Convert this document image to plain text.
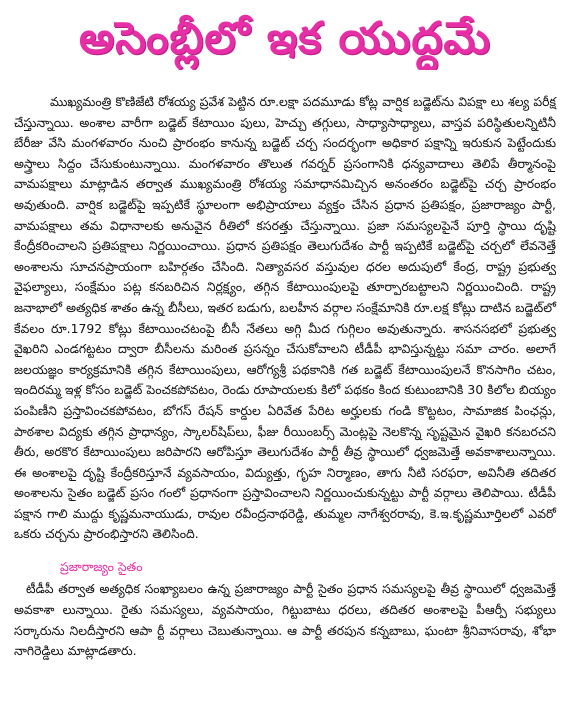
అసెంబ్లీలో ఇక యుద్ధమే

ముఖ్యమంత్రి కొణిజేటి రోశయ్య ప్రవేశ పెట్టిన రూ.లక్షా పదమూడు కోట్ల వార్షిక బడ్జెట్‌ను విపక్షా లు శల్య పరీక్ష చేస్తున్నాయి. అంశాల వారీగా బడ్జెట్ కేటాయిం పులు, హెచ్చు తగ్గులు, సాధ్యాసాధ్యాలు, వాస్తవ పరిస్థితులన్నిటినీ బేరీజు వేసి మంగళవారం నుంచి ప్రారంభం కానున్న బడ్జెట్ చర్చ సందర్భంగా అధికార పక్షాన్ని ఇరుకున పెట్టేందుకు అస్త్రాలు సిద్దం చేసుకుంటున్నాయి. మంగళవారం తొలుత గవర్నర్ ప్రసంగానికి ధన్యవాదాలు తెలిపే తీర్మానంపై వామపక్షాలు మాట్లాడిన తర్వాత ముఖ్యమంత్రి రోశయ్య సమాధానమిచ్చిన అనంతరం బడ్జెట్‌పై చర్చ ప్రారంభం అవుతుంది. వార్షిక బడ్జెట్‌పై ఇప్పటికే స్థూలంగా అభిప్రాయాలు వ్యక్తం చేసిన ప్రధాన ప్రతిపక్షం, ప్రజారాజ్యం పార్టీ, వామపక్షాలు తమ విధానాలకు అనువైన రీతిలో కసరత్తు చేస్తున్నాయి. ప్రజా సమస్యలపైనే పూర్తి స్థాయి దృష్టి కేంద్రీకరించాలని ప్రతిపక్షాలు నిర్ణయించాయి. ప్రధాన ప్రతిపక్షం తెలుగుదేశం పార్టీ ఇప్పటికే బడ్జెట్‌పై చర్చలో లేవనెత్తే అంశాలను సూచనప్రాయంగా బహిర్గతం చేసింది. నిత్యావసర వస్తువుల ధరల అదుపులో కేంద్ర, రాష్ట్ర ప్రభుత్వ వైఫల్యాలు, సంక్షేమం పట్ల కనబరిచిన నిర్లక్ష్యం, తగ్గిన కేటాయింపులపై తూర్పారబట్టాలని నిర్ణయించింది. రాష్ట్ర జనాభాలో అత్యధిక శాతం ఉన్న బీసీలు, ఇతర బడుగు, బలహీన వర్గాల సంక్షేమానికి రూ.లక్ష కోట్లు దాటిన బడ్జెట్‌లో కేవలం రూ.1792 కోట్లు కేటాయించటంపై బీసీ నేతలు అగ్గి మీద గుగ్గిలం అవుతున్నారు. శాసనసభలో ప్రభుత్వ వైఖరిని ఎండగట్టటం ద్వారా బీసీలను మరింత ప్రసన్నం చేసుకోవాలని టీడీపీ భావిస్తున్నట్టు సమా చారం. అలాగే జలయజ్ఞం కార్యక్రమానికి తగ్గిన కేటాయింపులు, ఆరోగ్యశ్రీ పథకానికి గత బడ్జెట్ కేటాయింపులనే కొనసాగిం చటం, ఇందిరమ్మ ఇళ్ల కోసం బడ్జెట్ పెంచకపోవటం, రెండు రూపాయలకు కిలో పథకం కింద కుటుంబానికి 30 కిలోల బియ్యం పంపిణీని ప్రస్తావించకపోవటం, బోగస్ రేషన్ కార్డుల ఏరివేత పేరిట అర్హులకు గండి కొట్టటం, సామాజిక పింఛన్లు, పాఠశాల విద్యకు తగ్గిన ప్రాధాన్యం, స్కాలర్‌షిప్‌లు, ఫీజు రీయింబర్స్ మెంట్లపై నెలకొన్న సృష్టమైన వైఖరి కనబరచని తీరు, అరకొర కేటాయింపులు జరిపారని ఆరోపిస్తూ తెలుగుదేశం పార్టీ తీవ్ర స్థాయిలో ధ్వజమెత్తే అవకాశాలున్నాయి. ఈ అంశాలపై దృష్టి కేంద్రీకరిస్తూనే వ్యవసాయం, విద్యుత్తు, గృహ నిర్మాణం, తాగు నీటి సరఫరా, అవినీతి తదితర అంశాలను సైతం బడ్జెట్ ప్రసం గంలో ప్రధానంగా ప్రస్తావించాలని నిర్ణయించుకున్నట్టు పార్టీ వర్గాలు తెలిపాయి. టీడీపీ పక్షాన గాలి ముద్దు కృష్ణమనాయుడు, రావుల రవీంద్రనాథరెడ్డి, తుమ్మల నాగేశ్వరరావు, కె.ఇ.కృష్ణమూర్తిలలో ఎవరో ఒకరు చర్చను ప్రారంభిస్తారని తెలిసింది.

ప్రజారాజ్యం సైతం

టీడీపీ తర్వాత అత్యధిక సంఖ్యాబలం ఉన్న ప్రజారాజ్యం పార్టీ సైతం ప్రధాన సమస్యలపై తీవ్ర స్థాయిలో ధ్వజమెత్తే అవకాశా లున్నాయి. రైతు సమస్యలు, వ్యవసాయం, గిట్టుబాటు ధరలు, తదితర అంశాలపై పీఆర్పీ సభ్యులు సర్కారును నిలదీస్తారని ఆపా ర్టీ వర్గాలు చెబుతున్నాయి. ఆ పార్టీ తరపున కన్నబాబు, ఘంటా శ్రీనివాసరావు, శోభా నాగిరెడ్డిలు మాట్లాడతారు.
